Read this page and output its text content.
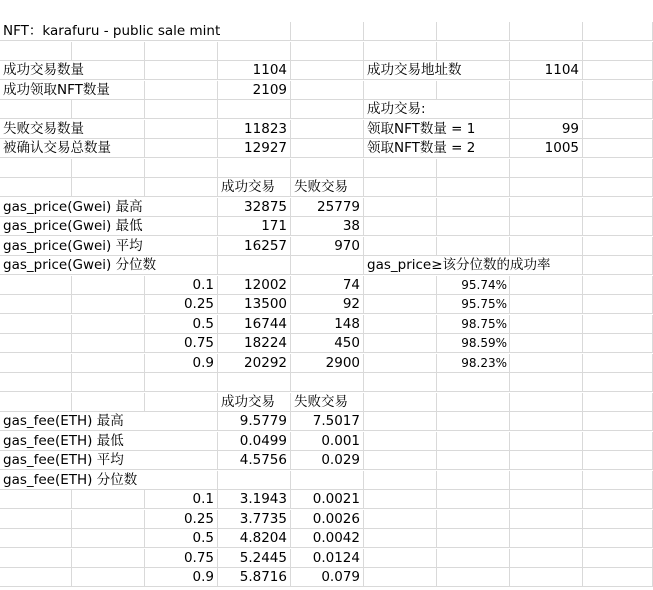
NFT：karafuru - public sale mint
成功交易数量	1104	成功交易地址数	1104
成功领取NFT数量	2109
成功交易:
失败交易数量	11823	领取NFT数量 = 1	99
被确认交易总数量	12927	领取NFT数量 = 2	1005
成功交易	失败交易
gas_price(Gwei) 最高	32875	25779
gas_price(Gwei) 最低	171	38
gas_price(Gwei) 平均	16257	970
gas_price(Gwei) 分位数	gas_price≥该分位数的成功率
0.1	12002	74	95.74%
0.25	13500	92	95.75%
0.5	16744	148	98.75%
0.75	18224	450	98.59%
0.9	20292	2900	98.23%
成功交易	失败交易
gas_fee(ETH) 最高	9.5779	7.5017
gas_fee(ETH) 最低	0.0499	0.001
gas_fee(ETH) 平均	4.5756	0.029
gas_fee(ETH) 分位数
0.1	3.1943	0.0021
0.25	3.7735	0.0026
0.5	4.8204	0.0042
0.75	5.2445	0.0124
0.9	5.8716	0.079
